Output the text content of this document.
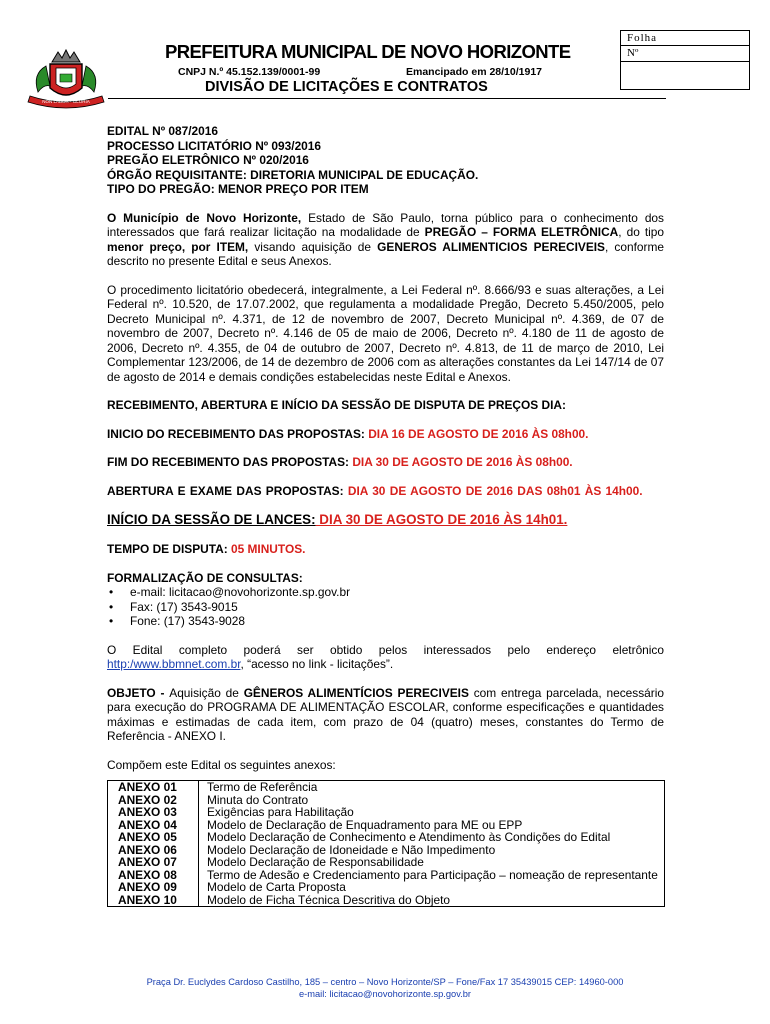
NON LABOR · GLORIA
Folha
Nº
PREFEITURA MUNICIPAL DE NOVO HORIZONTE
CNPJ N.º 45.152.139/0001-99	Emancipado em 28/10/1917
DIVISÃO DE LICITAÇÕES E CONTRATOS

EDITAL Nº 087/2016

PROCESSO LICITATÓRIO Nº 093/2016

PREGÃO ELETRÔNICO Nº 020/2016

ÓRGÃO REQUISITANTE: DIRETORIA MUNICIPAL DE EDUCAÇÃO.

TIPO DO PREGÃO: MENOR PREÇO POR ITEM

O Município de Novo Horizonte, Estado de São Paulo, torna público para o conhecimento dos interessados que fará realizar licitação na modalidade de PREGÃO – FORMA ELETRÔNICA, do tipo menor preço, por ITEM, visando aquisição de GENEROS ALIMENTICIOS PERECIVEIS, conforme descrito no presente Edital e seus Anexos.

O procedimento licitatório obedecerá, integralmente, a Lei Federal nº. 8.666/93 e suas alterações, a Lei Federal nº. 10.520, de 17.07.2002, que regulamenta a modalidade Pregão, Decreto 5.450/2005, pelo Decreto Municipal nº. 4.371, de 12 de novembro de 2007, Decreto Municipal nº. 4.369, de 07 de novembro de 2007, Decreto nº. 4.146 de 05 de maio de 2006, Decreto nº. 4.180 de 11 de agosto de 2006, Decreto nº. 4.355, de 04 de outubro de 2007, Decreto nº. 4.813, de 11 de março de 2010, Lei Complementar 123/2006, de 14 de dezembro de 2006 com as alterações constantes da Lei 147/14 de 07 de agosto de 2014 e demais condições estabelecidas neste Edital e Anexos.

RECEBIMENTO, ABERTURA E INÍCIO DA SESSÃO DE DISPUTA DE PREÇOS DIA:

INICIO DO RECEBIMENTO DAS PROPOSTAS: DIA 16 DE AGOSTO DE 2016 ÀS 08h00.

FIM DO RECEBIMENTO DAS PROPOSTAS: DIA 30 DE AGOSTO DE 2016 ÀS 08h00.

ABERTURA E EXAME DAS PROPOSTAS: DIA 30 DE AGOSTO DE 2016 DAS 08h01 ÀS 14h00.

INÍCIO DA SESSÃO DE LANCES: DIA 30 DE AGOSTO DE 2016 ÀS 14h01.

TEMPO DE DISPUTA: 05 MINUTOS.

FORMALIZAÇÃO DE CONSULTAS:

• e-mail: licitacao@novohorizonte.sp.gov.br
• Fax: (17) 3543-9015
• Fone: (17) 3543-9028

O Edital completo poderá ser obtido pelos interessados pelo endereço eletrônico http:/www.bbmnet.com.br, “acesso no link - licitações”.

OBJETO - Aquisição de GÊNEROS ALIMENTÍCIOS PERECIVEIS com entrega parcelada, necessário para execução do PROGRAMA DE ALIMENTAÇÃO ESCOLAR, conforme especificações e quantidades máximas e estimadas de cada item, com prazo de 04 (quatro) meses, constantes do Termo de Referência - ANEXO I.

Compõem este Edital os seguintes anexos:

ANEXO 01	Termo de Referência
ANEXO 02	Minuta do Contrato
ANEXO 03	Exigências para Habilitação
ANEXO 04	Modelo de Declaração de Enquadramento para ME ou EPP
ANEXO 05	Modelo Declaração de Conhecimento e Atendimento às Condições do Edital
ANEXO 06	Modelo Declaração de Idoneidade e Não Impedimento
ANEXO 07	Modelo Declaração de Responsabilidade
ANEXO 08	Termo de Adesão e Credenciamento para Participação – nomeação de representante
ANEXO 09	Modelo de Carta Proposta
ANEXO 10	Modelo de Ficha Técnica Descritiva do Objeto
Praça Dr. Euclydes Cardoso Castilho, 185 – centro – Novo Horizonte/SP – Fone/Fax 17 35439015 CEP: 14960-000
e-mail: licitacao@novohorizonte.sp.gov.br
